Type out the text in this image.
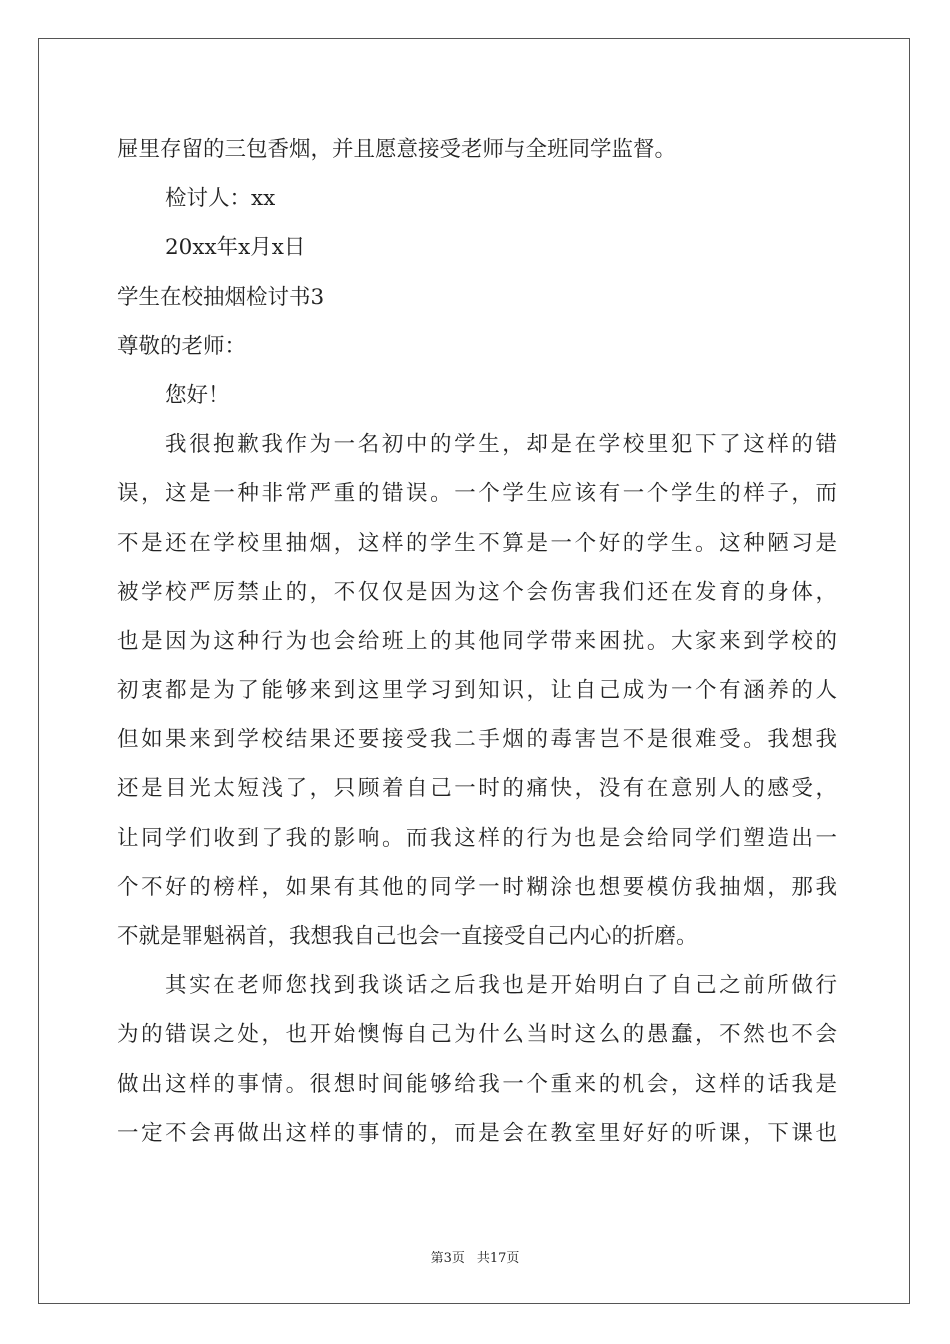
屉里存留的三包香烟，并且愿意接受老师与全班同学监督。
检讨人：xx
20xx年x月x日
学生在校抽烟检讨书3
尊敬的老师：
您好！
我很抱歉我作为一名初中的学生，却是在学校里犯下了这样的错
误，这是一种非常严重的错误。一个学生应该有一个学生的样子，而
不是还在学校里抽烟，这样的学生不算是一个好的学生。这种陋习是
被学校严厉禁止的，不仅仅是因为这个会伤害我们还在发育的身体，
也是因为这种行为也会给班上的其他同学带来困扰。大家来到学校的
初衷都是为了能够来到这里学习到知识，让自己成为一个有涵养的人
但如果来到学校结果还要接受我二手烟的毒害岂不是很难受。我想我
还是目光太短浅了，只顾着自己一时的痛快，没有在意别人的感受，
让同学们收到了我的影响。而我这样的行为也是会给同学们塑造出一
个不好的榜样，如果有其他的同学一时糊涂也想要模仿我抽烟，那我
不就是罪魁祸首，我想我自己也会一直接受自己内心的折磨。
其实在老师您找到我谈话之后我也是开始明白了自己之前所做行
为的错误之处，也开始懊悔自己为什么当时这么的愚蠢，不然也不会
做出这样的事情。很想时间能够给我一个重来的机会，这样的话我是
一定不会再做出这样的事情的，而是会在教室里好好的听课，下课也
第3页 共17页
